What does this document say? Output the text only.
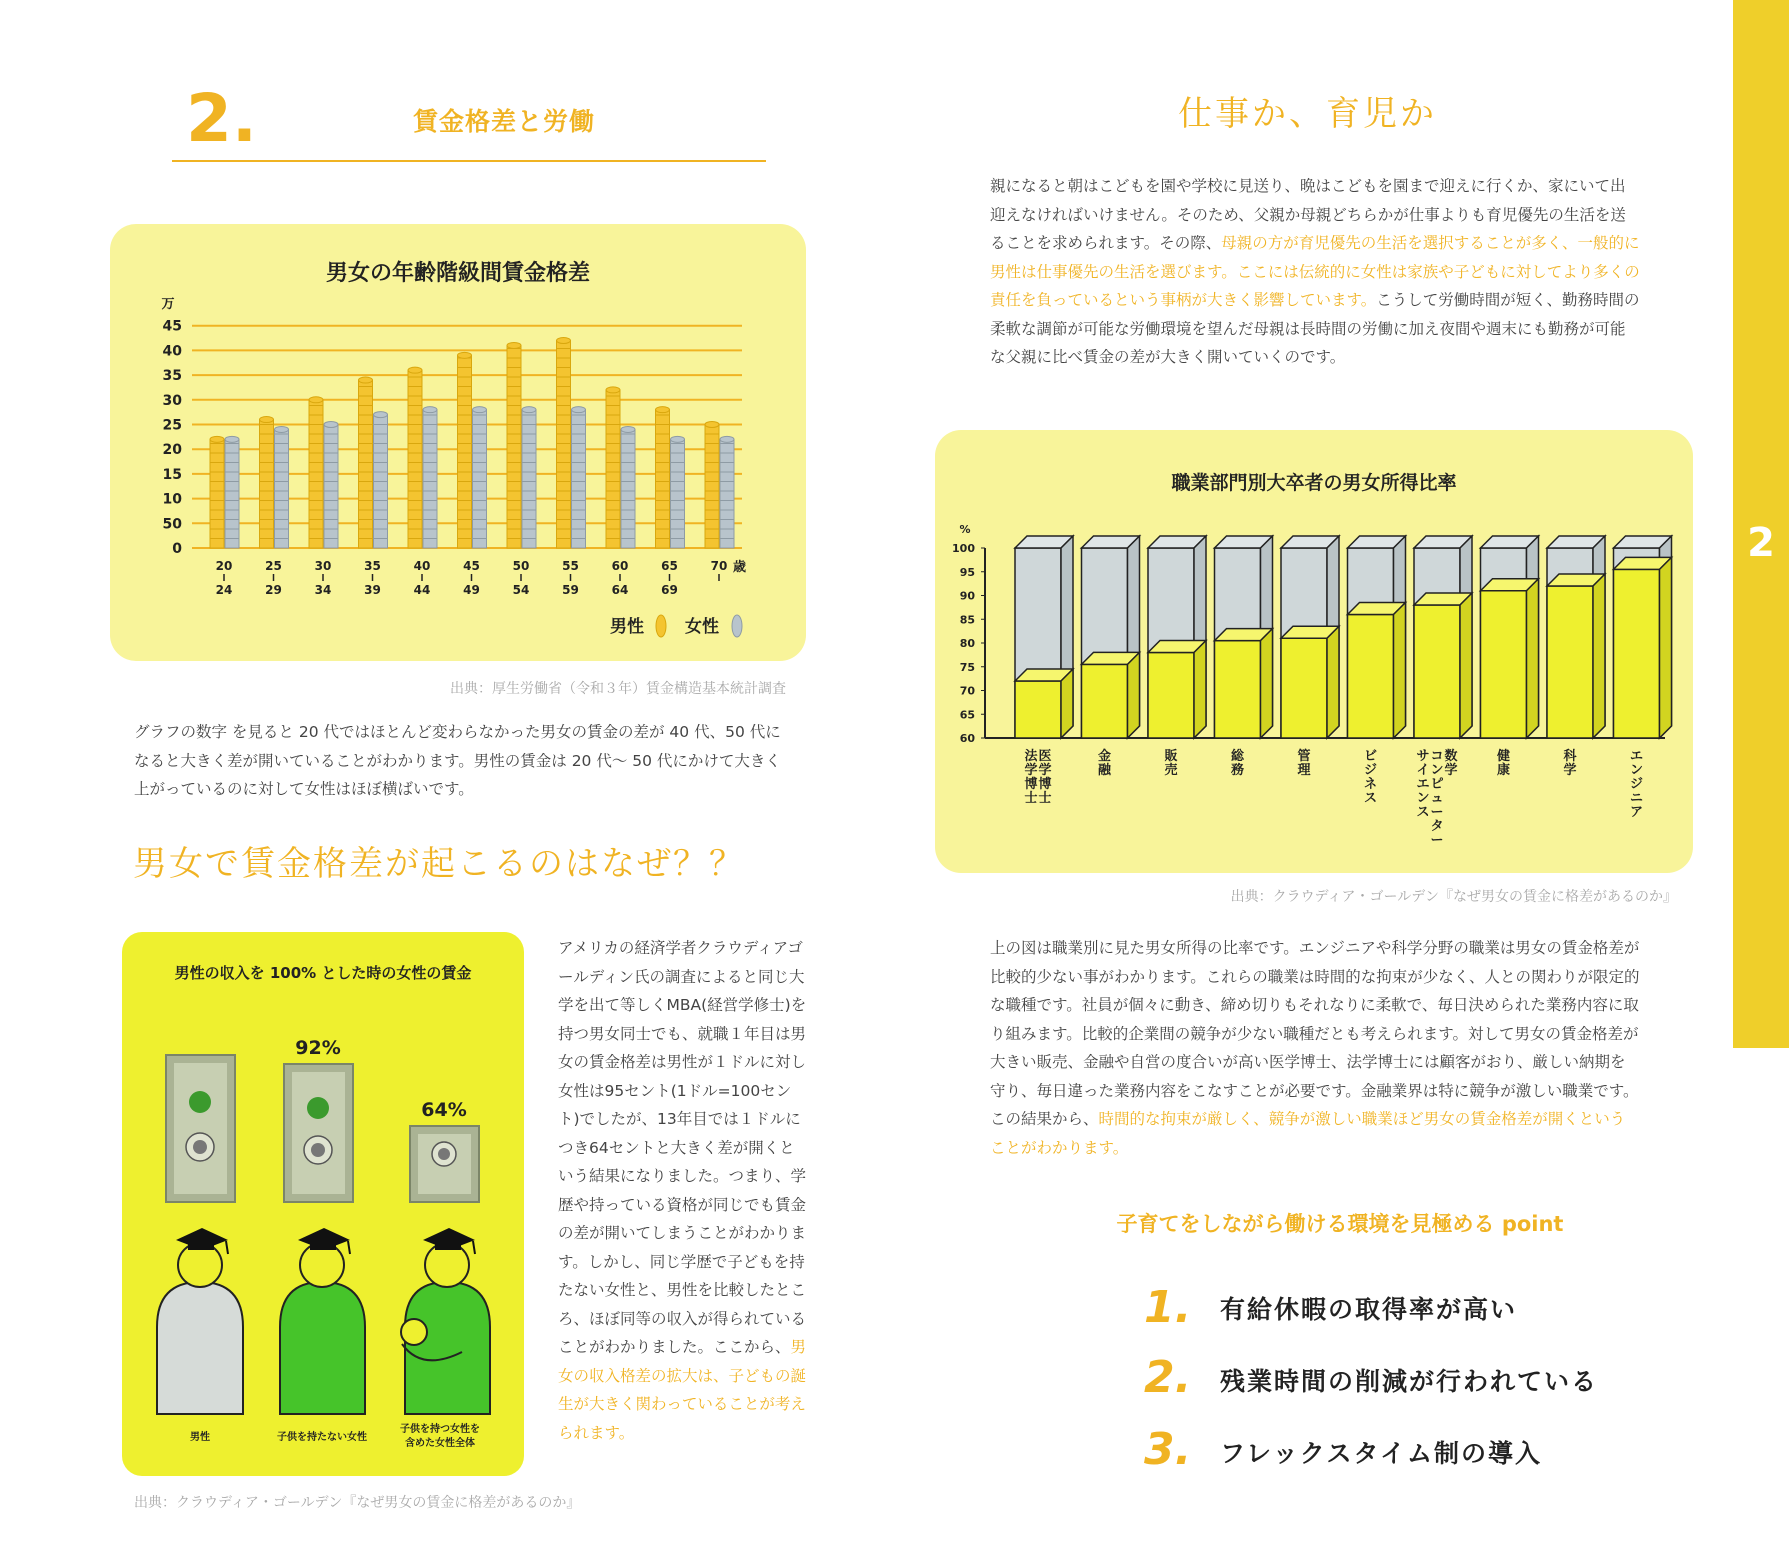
2
2.	賃金格差と労働
男女の年齢階級間賃金格差
万
45
40
35
30
25
20
15
10
50
0
20
24
25
29
30
34
35
39
40
44
45
49
50
54
55
59
60
64
65
69
70 歳
男性 女性
出典：厚生労働省（令和３年）賃金構造基本統計調査
グラフの数字 を見ると 20 代ではほとんど変わらなかった男女の賃金の差が 40 代、50 代になると大きく差が開いていることがわかります。男性の賃金は 20 代～ 50 代にかけて大きく上がっているのに対して女性はほぼ横ばいです。
男女で賃金格差が起こるのはなぜ？？
男性の収入を 100% とした時の女性の賃金
92%
64%
男性	子供を持たない女性
子供を持つ女性を
含めた女性全体
出典：クラウディア・ゴールデン『なぜ男女の賃金に格差があるのか』
アメリカの経済学者クラウディアゴールディン氏の調査によると同じ大学を出て等しくMBA(経営学修士)を持つ男女同士でも、就職１年目は男女の賃金格差は男性が１ドルに対し女性は95セント(1ドル=100セント)でしたが、13年目では１ドルにつき64セントと大きく差が開くという結果になりました。つまり、学歴や持っている資格が同じでも賃金の差が開いてしまうことがわかります。しかし、同じ学歴で子どもを持たない女性と、男性を比較したところ、ほぼ同等の収入が得られていることがわかりました。ここから、男女の収入格差の拡大は、子どもの誕生が大きく関わっていることが考えられます。
仕事か、育児か
親になると朝はこどもを園や学校に見送り、晩はこどもを園まで迎えに行くか、家にいて出迎えなければいけません。そのため、父親か母親どちらかが仕事よりも育児優先の生活を送ることを求められます。その際、母親の方が育児優先の生活を選択することが多く、一般的に男性は仕事優先の生活を選びます。ここには伝統的に女性は家族や子どもに対してより多くの責任を負っているという事柄が大きく影響しています。こうして労働時間が短く、勤務時間の柔軟な調節が可能な労働環境を望んだ母親は長時間の労働に加え夜間や週末にも勤務が可能な父親に比べ賃金の差が大きく開いていくのです。
職業部門別大卒者の男女所得比率
%
100
95
90
85
80
75
70
65
60
医学博士
法学博士
金融
販売
総務
管理
ビジネス
数学
コンピューター
サイエンス
健康
科学
エンジニア
出典：クラウディア・ゴールデン『なぜ男女の賃金に格差があるのか』
上の図は職業別に見た男女所得の比率です。エンジニアや科学分野の職業は男女の賃金格差が比較的少ない事がわかります。これらの職業は時間的な拘束が少なく、人との関わりが限定的な職種です。社員が個々に動き、締め切りもそれなりに柔軟で、毎日決められた業務内容に取り組みます。比較的企業間の競争が少ない職種だとも考えられます。対して男女の賃金格差が大きい販売、金融や自営の度合いが高い医学博士、法学博士には顧客がおり、厳しい納期を守り、毎日違った業務内容をこなすことが必要です。金融業界は特に競争が激しい職業です。この結果から、時間的な拘束が厳しく、競争が激しい職業ほど男女の賃金格差が開くということがわかります。
子育てをしながら働ける環境を見極める point
1. 有給休暇の取得率が高い
2. 残業時間の削減が行われている
3. フレックスタイム制の導入
